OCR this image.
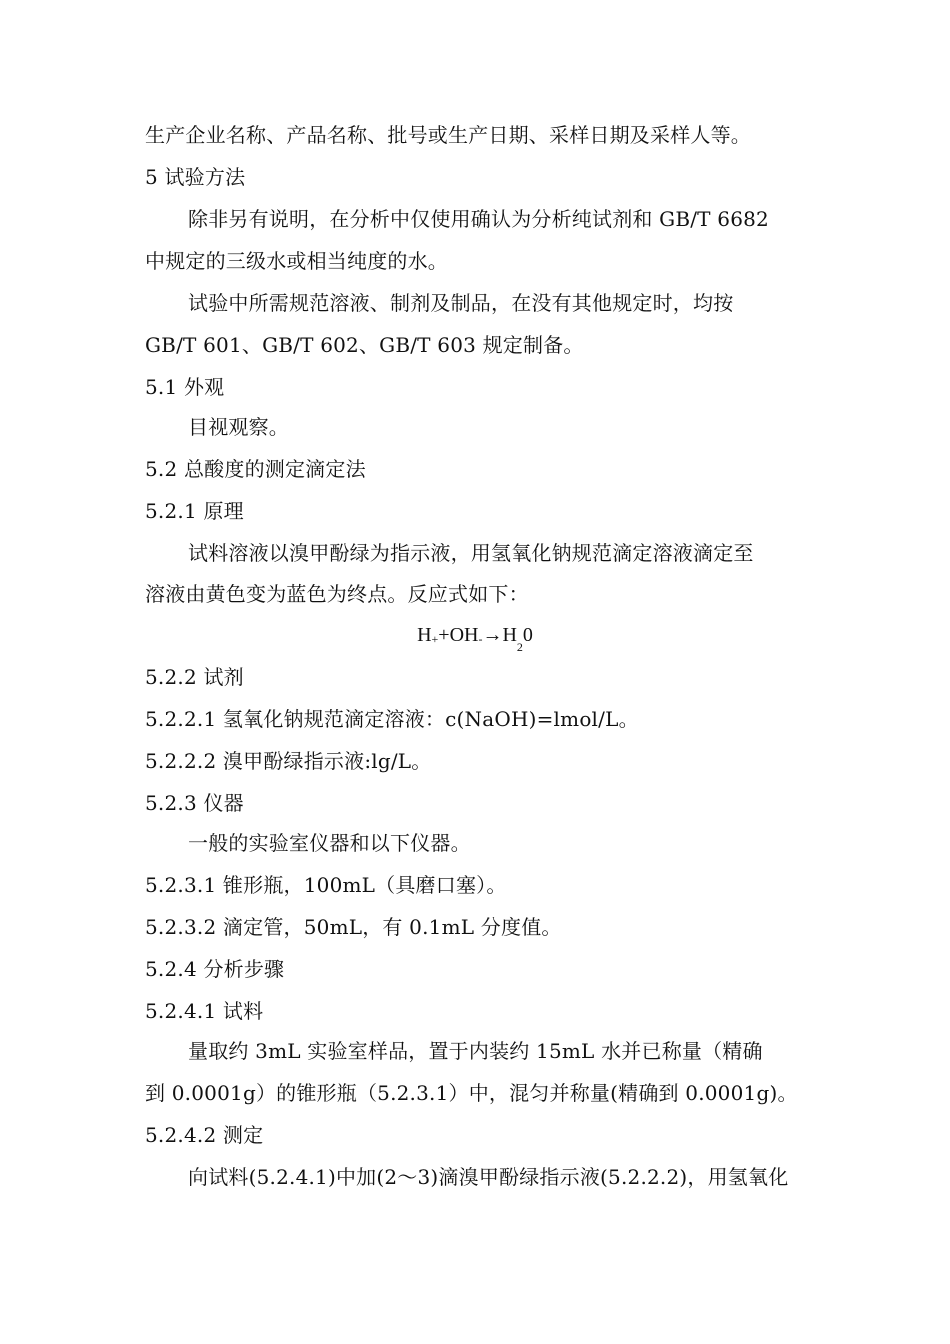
生产企业名称、产品名称、批号或生产日期、采样日期及采样人等。
5 试验方法
除非另有说明，在分析中仅使用确认为分析纯试剂和 GB/T 6682
中规定的三级水或相当纯度的水。
试验中所需规范溶液、制剂及制品，在没有其他规定时，均按
GB/T 601、GB/T 602、GB/T 603 规定制备。
5.1 外观
目视观察。
5.2 总酸度的测定滴定法
5.2.1 原理
试料溶液以溴甲酚绿为指示液，用氢氧化钠规范滴定溶液滴定至
溶液由黄色变为蓝色为终点。反应式如下：
$H++OH-\to H_20$
5.2.2 试剂
5.2.2.1 氢氧化钠规范滴定溶液：c(NaOH)=lmol/L。
5.2.2.2 溴甲酚绿指示液:lg/L。
5.2.3 仪器
一般的实验室仪器和以下仪器。
5.2.3.1 锥形瓶，100mL（具磨口塞）。
5.2.3.2 滴定管，50mL，有 0.1mL 分度值。
5.2.4 分析步骤
5.2.4.1 试料
量取约 3mL 实验室样品，置于内装约 15mL 水并已称量（精确
到 0.0001g）的锥形瓶（5.2.3.1）中，混匀并称量(精确到 0.0001g)。
5.2.4.2 测定
向试料(5.2.4.1)中加(2～3)滴溴甲酚绿指示液(5.2.2.2)，用氢氧化
